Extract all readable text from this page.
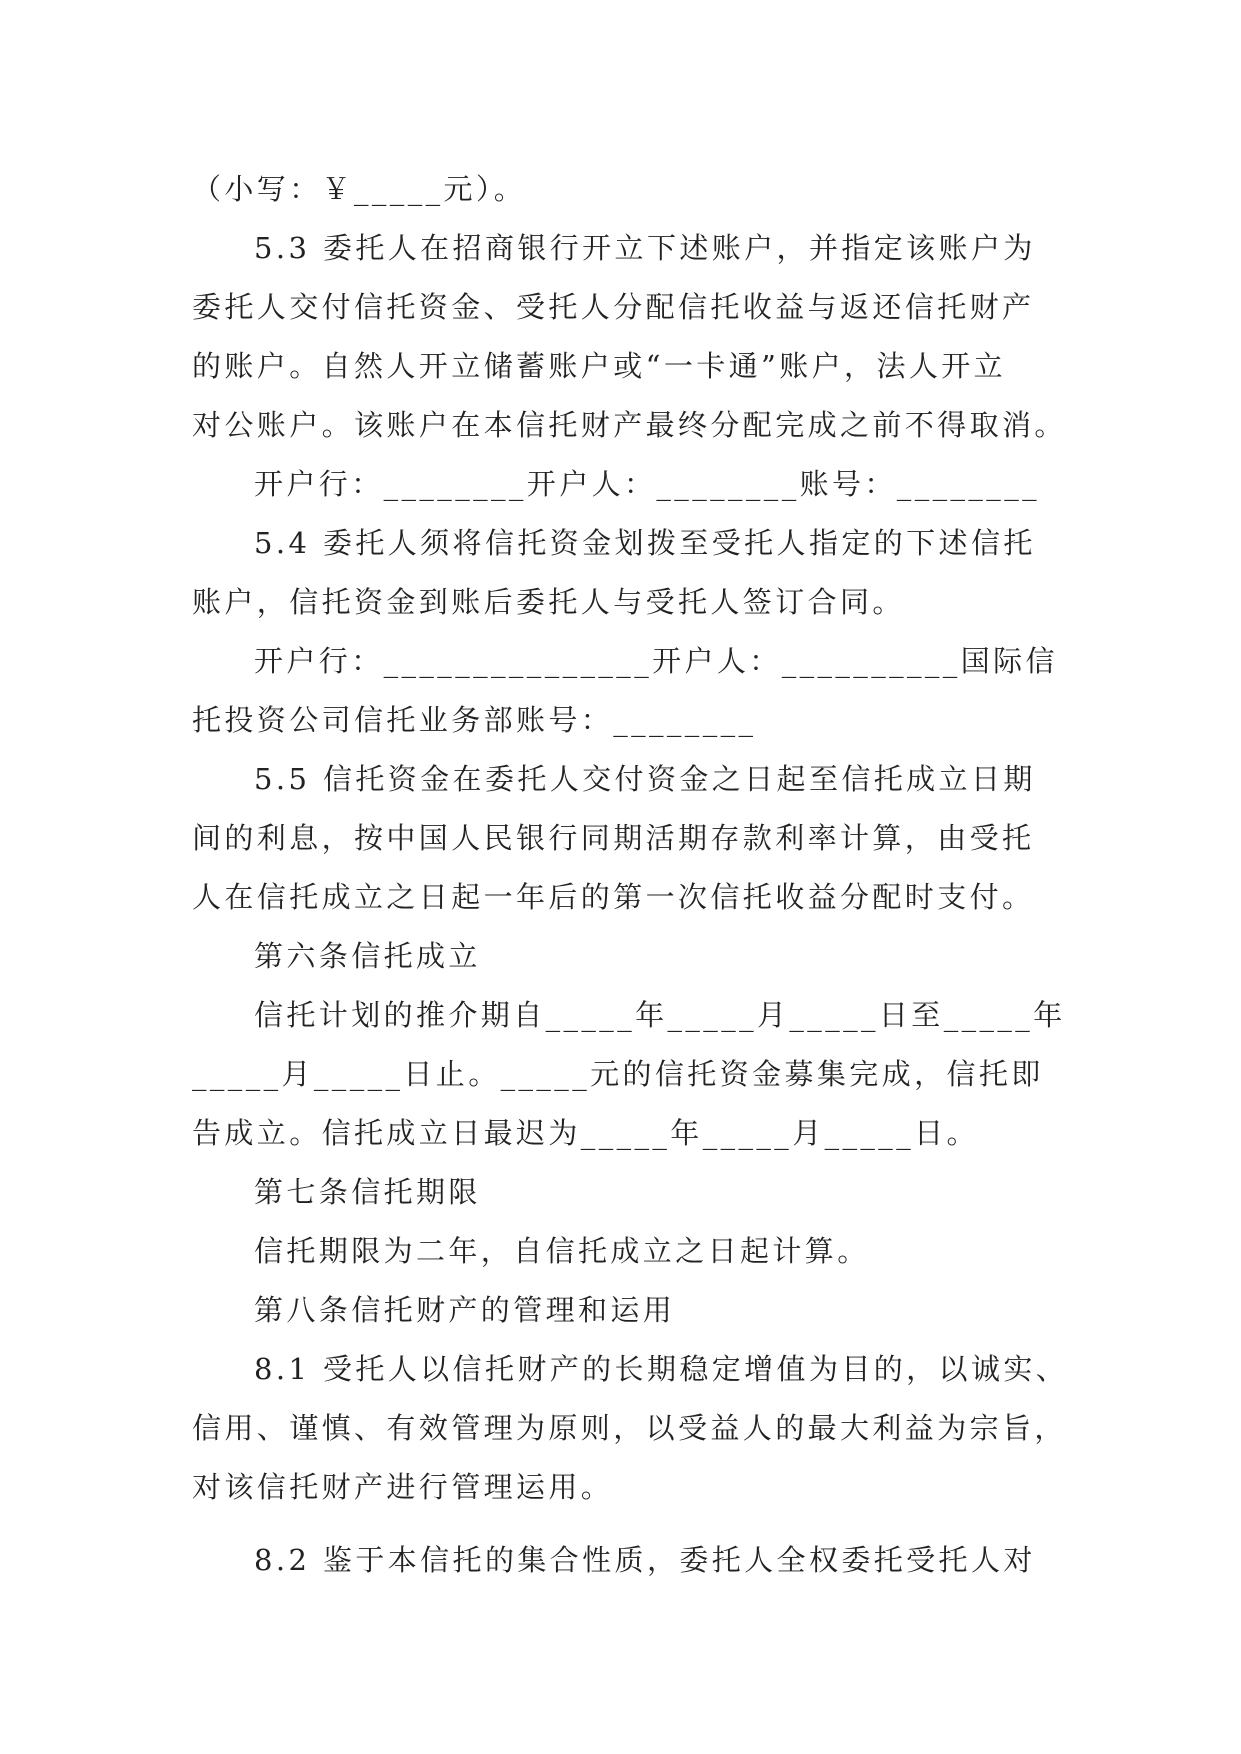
（小写：￥_____元）。
5.3 委托人在招商银行开立下述账户，并指定该账户为
委托人交付信托资金、受托人分配信托收益与返还信托财产
的账户。自然人开立储蓄账户或“一卡通”账户，法人开立
对公账户。该账户在本信托财产最终分配完成之前不得取消。
开户行：________开户人：________账号：________
5.4 委托人须将信托资金划拨至受托人指定的下述信托
账户，信托资金到账后委托人与受托人签订合同。
开户行：_______________开户人：__________国际信
托投资公司信托业务部账号：________
5.5 信托资金在委托人交付资金之日起至信托成立日期
间的利息，按中国人民银行同期活期存款利率计算，由受托
人在信托成立之日起一年后的第一次信托收益分配时支付。
第六条信托成立
信托计划的推介期自_____年_____月_____日至_____年
_____月_____日止。_____元的信托资金募集完成，信托即
告成立。信托成立日最迟为_____年_____月_____日。
第七条信托期限
信托期限为二年，自信托成立之日起计算。
第八条信托财产的管理和运用
8.1 受托人以信托财产的长期稳定增值为目的，以诚实、
信用、谨慎、有效管理为原则，以受益人的最大利益为宗旨，
对该信托财产进行管理运用。
8.2 鉴于本信托的集合性质，委托人全权委托受托人对
